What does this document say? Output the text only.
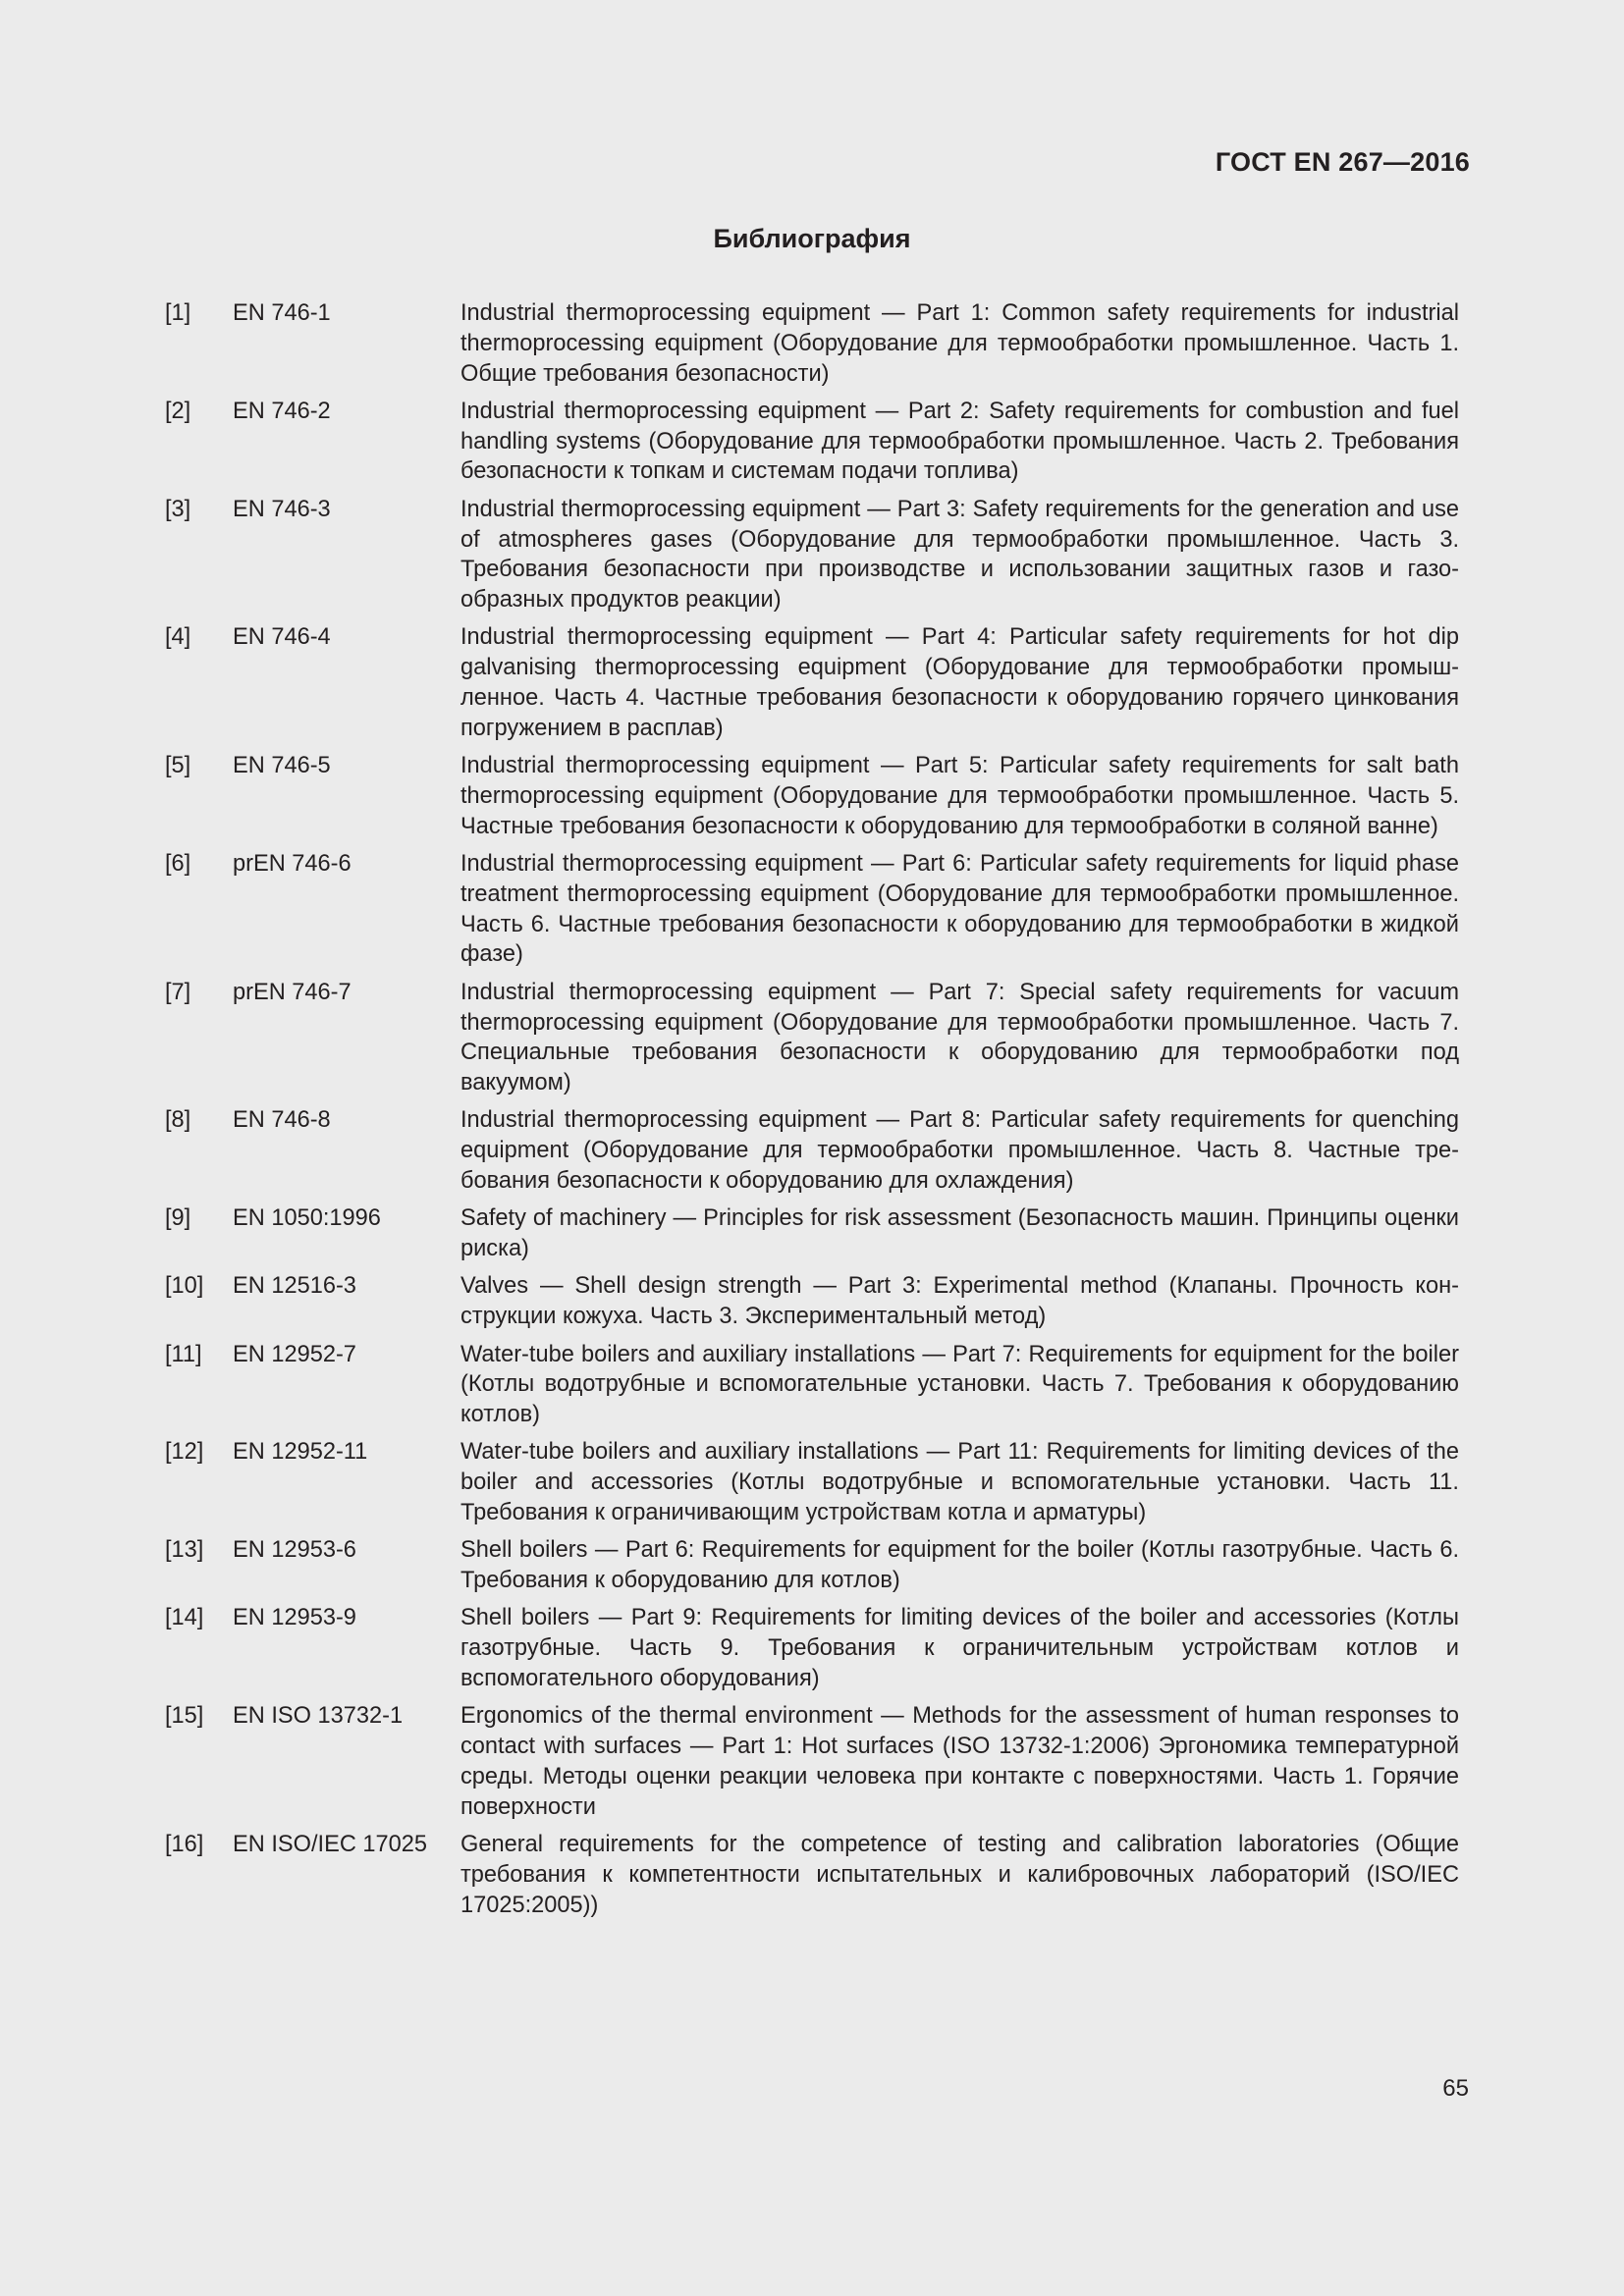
ГОСТ EN 267—2016
Библиография
[1]	EN 746-1	Industrial thermoprocessing equipment — Part 1: Common safety requirements for industrial thermoprocessing equipment (Оборудование для термообработки промышленное. Часть 1. Общие требования безопасности)
[2]	EN 746-2	Industrial thermoprocessing equipment — Part 2: Safety requirements for combustion and fuel handling systems (Оборудование для термообработки промышленное. Часть 2. Требования безопасности к топкам и системам подачи топлива)
[3]	EN 746-3	Industrial thermoprocessing equipment — Part 3: Safety requirements for the generation and use of atmospheres gases (Оборудование для термообработки промышленное. Часть 3. Требования безопасности при производстве и использовании защитных газов и газообразных продуктов реакции)
[4]	EN 746-4	Industrial thermoprocessing equipment — Part 4: Particular safety requirements for hot dip galvanising thermoprocessing equipment (Оборудование для термообработки промышленное. Часть 4. Частные требования безопасности к оборудованию горячего цинкования погружением в расплав)
[5]	EN 746-5	Industrial thermoprocessing equipment — Part 5: Particular safety requirements for salt bath thermoprocessing equipment (Оборудование для термообработки промышленное. Часть 5. Частные требования безопасности к оборудованию для термообработки в соляной ванне)
[6]	prEN 746-6	Industrial thermoprocessing equipment — Part 6: Particular safety requirements for liquid phase treatment thermoprocessing equipment (Оборудование для термообработки промышленное. Часть 6. Частные требования безопасности к оборудованию для термообработки в жидкой фазе)
[7]	prEN 746-7	Industrial thermoprocessing equipment — Part 7: Special safety requirements for vacuum thermoprocessing equipment (Оборудование для термообработки промышленное. Часть 7. Специальные требования безопасности к оборудованию для термообработки под вакуумом)
[8]	EN 746-8	Industrial thermoprocessing equipment — Part 8: Particular safety requirements for quenching equipment (Оборудование для термообработки промышленное. Часть 8. Частные требования безопасности к оборудованию для охлаждения)
[9]	EN 1050:1996	Safety of machinery — Principles for risk assessment (Безопасность машин. Принципы оценки риска)
[10]	EN 12516-3	Valves — Shell design strength — Part 3: Experimental method (Клапаны. Прочность конструкции кожуха. Часть 3. Экспериментальный метод)
[11]	EN 12952-7	Water-tube boilers and auxiliary installations — Part 7: Requirements for equipment for the boiler (Котлы водотрубные и вспомогательные установки. Часть 7. Требования к оборудованию котлов)
[12]	EN 12952-11	Water-tube boilers and auxiliary installations — Part 11: Requirements for limiting devices of the boiler and accessories (Котлы водотрубные и вспомогательные установки. Часть 11. Требования к ограничивающим устройствам котла и арматуры)
[13]	EN 12953-6	Shell boilers — Part 6: Requirements for equipment for the boiler (Котлы газотрубные. Часть 6. Требования к оборудованию для котлов)
[14]	EN 12953-9	Shell boilers — Part 9: Requirements for limiting devices of the boiler and accessories (Котлы газотрубные. Часть 9. Требования к ограничительным устройствам котлов и вспомогательного оборудования)
[15]	EN ISO 13732-1	Ergonomics of the thermal environment — Methods for the assessment of human responses to contact with surfaces — Part 1: Hot surfaces (ISO 13732-1:2006) Эргономика температурной среды. Методы оценки реакции человека при контакте с поверхностями. Часть 1. Горячие поверхности
[16]	EN ISO/IEC 17025	General requirements for the competence of testing and calibration laboratories (Общие требования к компетентности испытательных и калибровочных лабораторий (ISO/IEC 17025:2005))
65
